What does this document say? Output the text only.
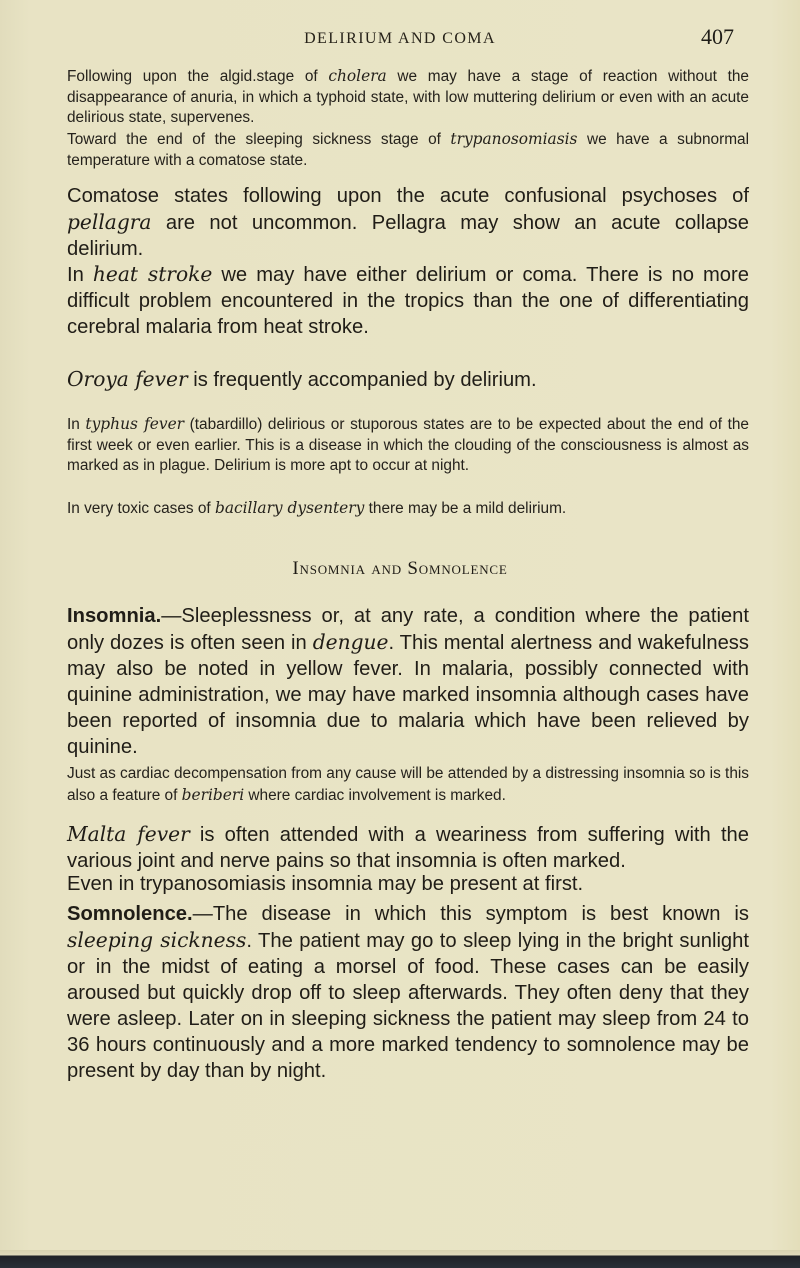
DELIRIUM AND COMA	407

Following upon the algid.stage of cholera we may have a stage of reaction without the disappearance of anuria, in which a typhoid state, with low muttering delirium or even with an acute delirious state, supervenes.

Toward the end of the sleeping sickness stage of trypanosomiasis we have a subnormal temperature with a comatose state.

Comatose states following upon the acute confusional psychoses of pellagra are not uncommon. Pellagra may show an acute collapse delirium.

In heat stroke we may have either delirium or coma. There is no more difficult problem encountered in the tropics than the one of differentiating cerebral malaria from heat stroke.

Oroya fever is frequently accompanied by delirium.

In typhus fever (tabardillo) delirious or stuporous states are to be expected about the end of the first week or even earlier. This is a disease in which the clouding of the consciousness is almost as marked as in plague. Delirium is more apt to occur at night.

In very toxic cases of bacillary dysentery there may be a mild delirium.

Insomnia and Somnolence

Insomnia.—Sleeplessness or, at any rate, a condition where the patient only dozes is often seen in dengue. This mental alertness and wakefulness may also be noted in yellow fever. In malaria, possibly connected with quinine administration, we may have marked insomnia although cases have been reported of insomnia due to malaria which have been relieved by quinine.

Just as cardiac decompensation from any cause will be attended by a distressing insomnia so is this also a feature of beriberi where cardiac involvement is marked.

Malta fever is often attended with a weariness from suffering with the various joint and nerve pains so that insomnia is often marked.

Even in trypanosomiasis insomnia may be present at first.

Somnolence.—The disease in which this symptom is best known is sleeping sickness. The patient may go to sleep lying in the bright sunlight or in the midst of eating a morsel of food. These cases can be easily aroused but quickly drop off to sleep afterwards. They often deny that they were asleep. Later on in sleeping sickness the patient may sleep from 24 to 36 hours continuously and a more marked tendency to somnolence may be present by day than by night.
